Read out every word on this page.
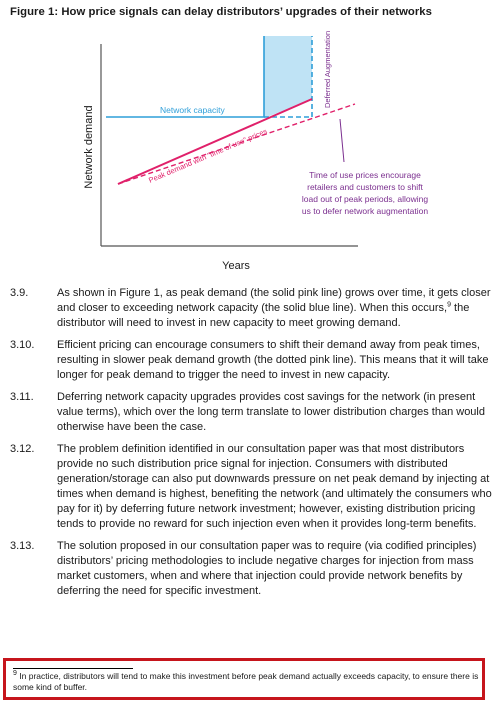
Figure 1: How price signals can delay distributors’ upgrades of their networks
Network capacity
Peak demand with "time of use" prices
Deferred Augmentation
Time of use prices encourage
retailers and customers to shift
load out of peak periods, allowing
us to defer network augmentation
Network demand
Years

3.9.	As shown in Figure 1, as peak demand (the solid pink line) grows over time, it gets closer and closer to exceeding network capacity (the solid blue line). When this occurs,$^9$ the distributor will need to invest in new capacity to meet growing demand.

3.10. Efficient pricing can encourage consumers to shift their demand away from peak times, resulting in slower peak demand growth (the dotted pink line). This means that it will take longer for peak demand to trigger the need to invest in new capacity.

3.11. Deferring network capacity upgrades provides cost savings for the network (in present value terms), which over the long term translate to lower distribution charges than would otherwise have been the case.

3.12. The problem definition identified in our consultation paper was that most distributors provide no such distribution price signal for injection. Consumers with distributed generation/storage can also put downwards pressure on net peak demand by injecting at times when demand is highest, benefiting the network (and ultimately the consumers who pay for it) by deferring future network investment; however, existing distribution pricing tends to provide no reward for such injection even when it provides long-term benefits.

3.13. The solution proposed in our consultation paper was to require (via codified principles) distributors’ pricing methodologies to include negative charges for injection from mass market customers, when and where that injection could provide network benefits by deferring the need for specific investment.

$^9$ In practice, distributors will tend to make this investment before peak demand actually exceeds capacity, to ensure there is some kind of buffer.
